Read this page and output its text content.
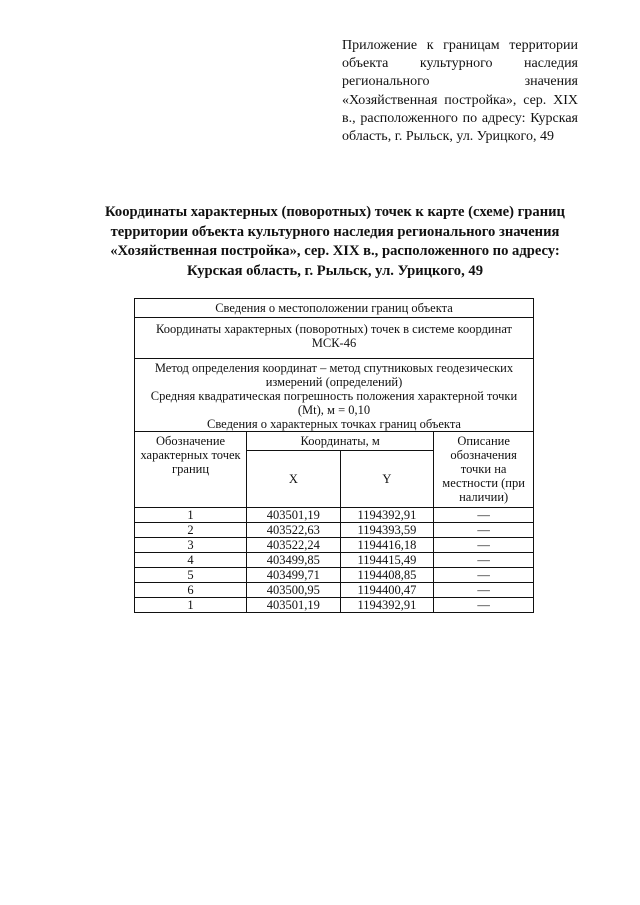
Приложение к границам территории объекта культурного наследия регионального значения «Хозяйственная постройка», сер. XIX в., расположенного по адресу: Курская область, г. Рыльск, ул. Урицкого, 49
Координаты характерных (поворотных) точек к карте (схеме) границ территории объекта культурного наследия регионального значения «Хозяйственная постройка», сер. XIX в., расположенного по адресу: Курская область, г. Рыльск, ул. Урицкого, 49
Сведения о местоположении границ объекта			
Координаты характерных (поворотных) точек в системе координат МСК-46			

Метод определения координат – метод спутниковых геодезических измерений (определений)
Средняя квадратическая погрешность положения характерной точки (Mt), м = 0,10
Сведения о характерных точках границ объекта			

Обозначение характерных точек границ	Координаты, м		Описание обозначения точки на местности (при наличии)
	X	Y	
1	403501,19	1194392,91	—
2	403522,63	1194393,59	—
3	403522,24	1194416,18	—
4	403499,85	1194415,49	—
5	403499,71	1194408,85	—
6	403500,95	1194400,47	—
1	403501,19	1194392,91	—
